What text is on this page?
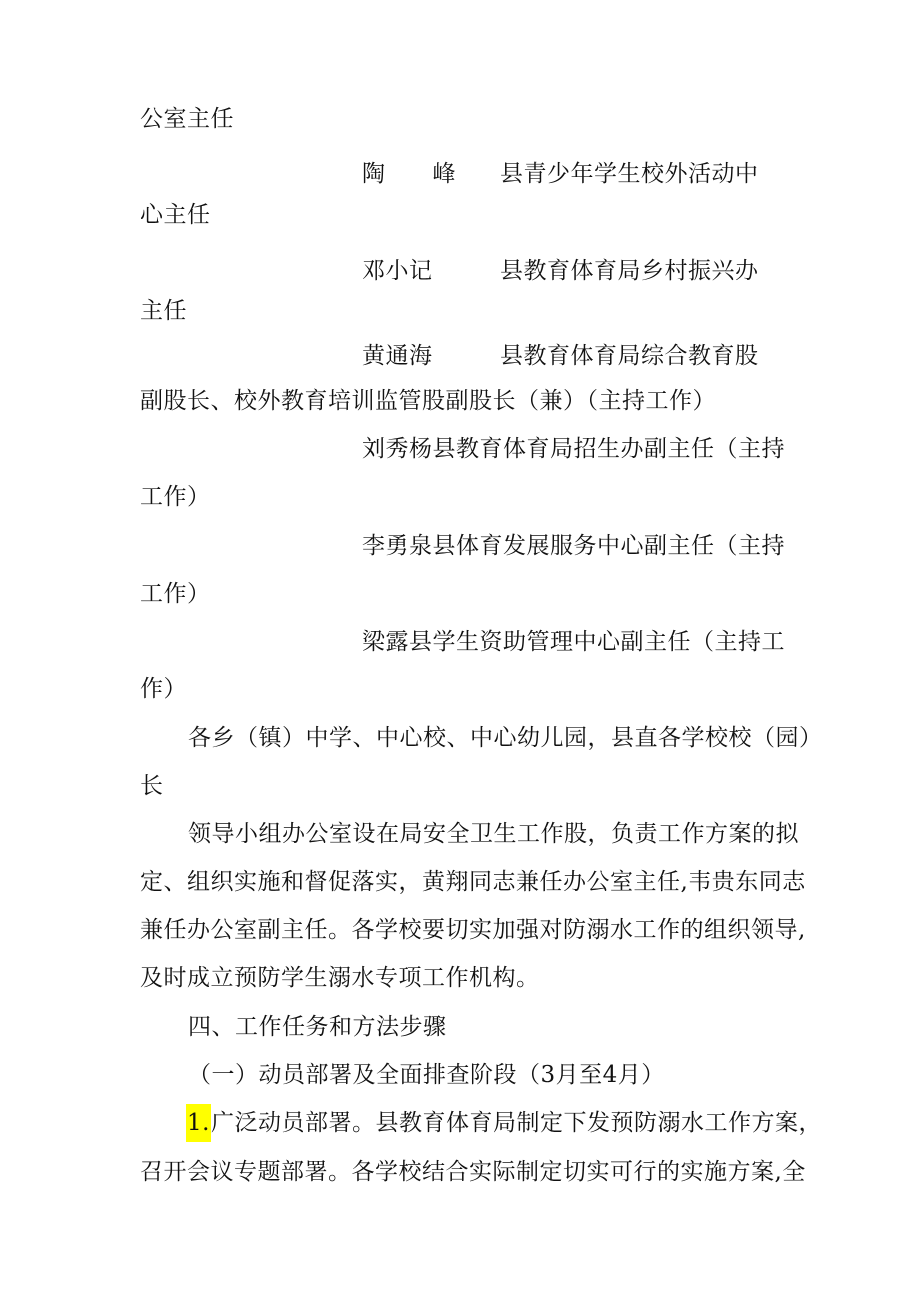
公室主任
陶　　峰 县青少年学生校外活动中
心主任
邓小记	县教育体育局乡村振兴办
主任
黄通海	县教育体育局综合教育股
副股长、校外教育培训监管股副股长（兼）（主持工作）
刘秀杨县教育体育局招生办副主任（主持
工作）
李勇泉县体育发展服务中心副主任（主持
工作）
梁露县学生资助管理中心副主任（主持工
作）
各乡（镇）中学、中心校、中心幼儿园，县直各学校校（园）
长
领导小组办公室设在局安全卫生工作股，负责工作方案的拟
定、组织实施和督促落实，黄翔同志兼任办公室主任,韦贵东同志
兼任办公室副主任。各学校要切实加强对防溺水工作的组织领导,
及时成立预防学生溺水专项工作机构。
四、工作任务和方法步骤
（一）动员部署及全面排查阶段（3月至4月）
1.广泛动员部署。县教育体育局制定下发预防溺水工作方案，
召开会议专题部署。各学校结合实际制定切实可行的实施方案,全
